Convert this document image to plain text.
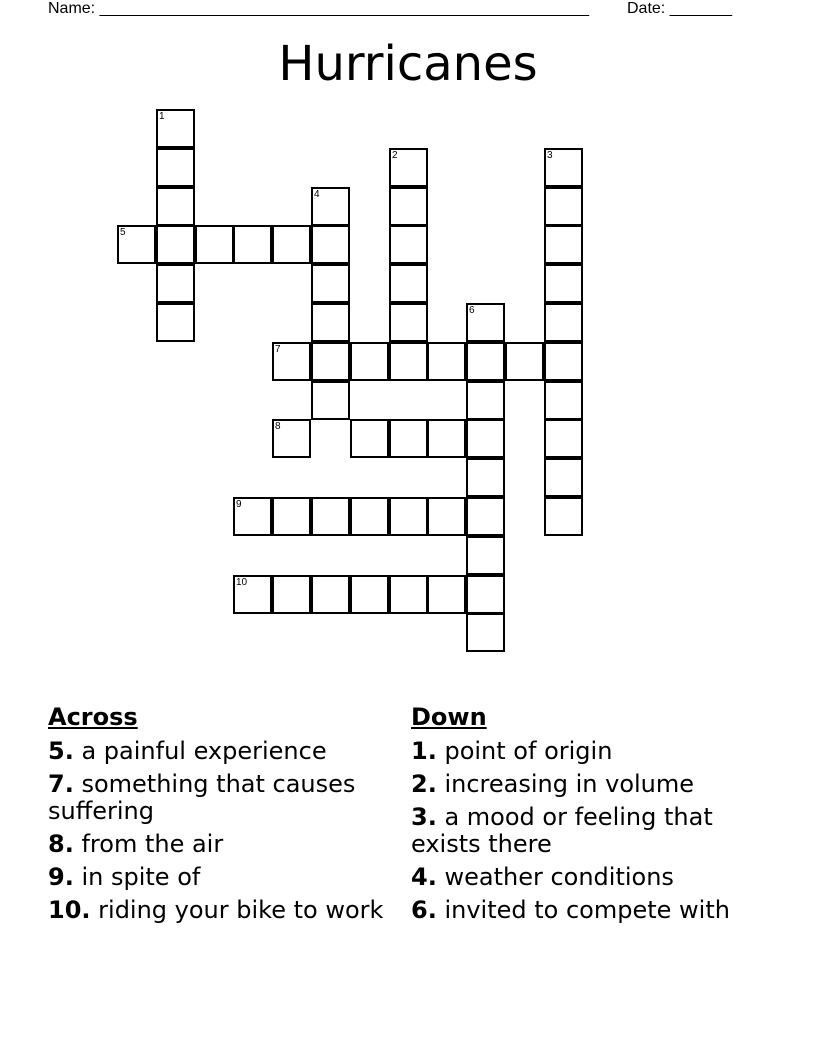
Name: _______________________________________________________ Date: _______
Hurricanes
1
2	3
4
5
6
7
8
9
10
Across
5. a painful experience
7. something that causes suffering
8. from the air
9. in spite of
10. riding your bike to work
Down
1. point of origin
2. increasing in volume
3. a mood or feeling that exists there
4. weather conditions
6. invited to compete with
